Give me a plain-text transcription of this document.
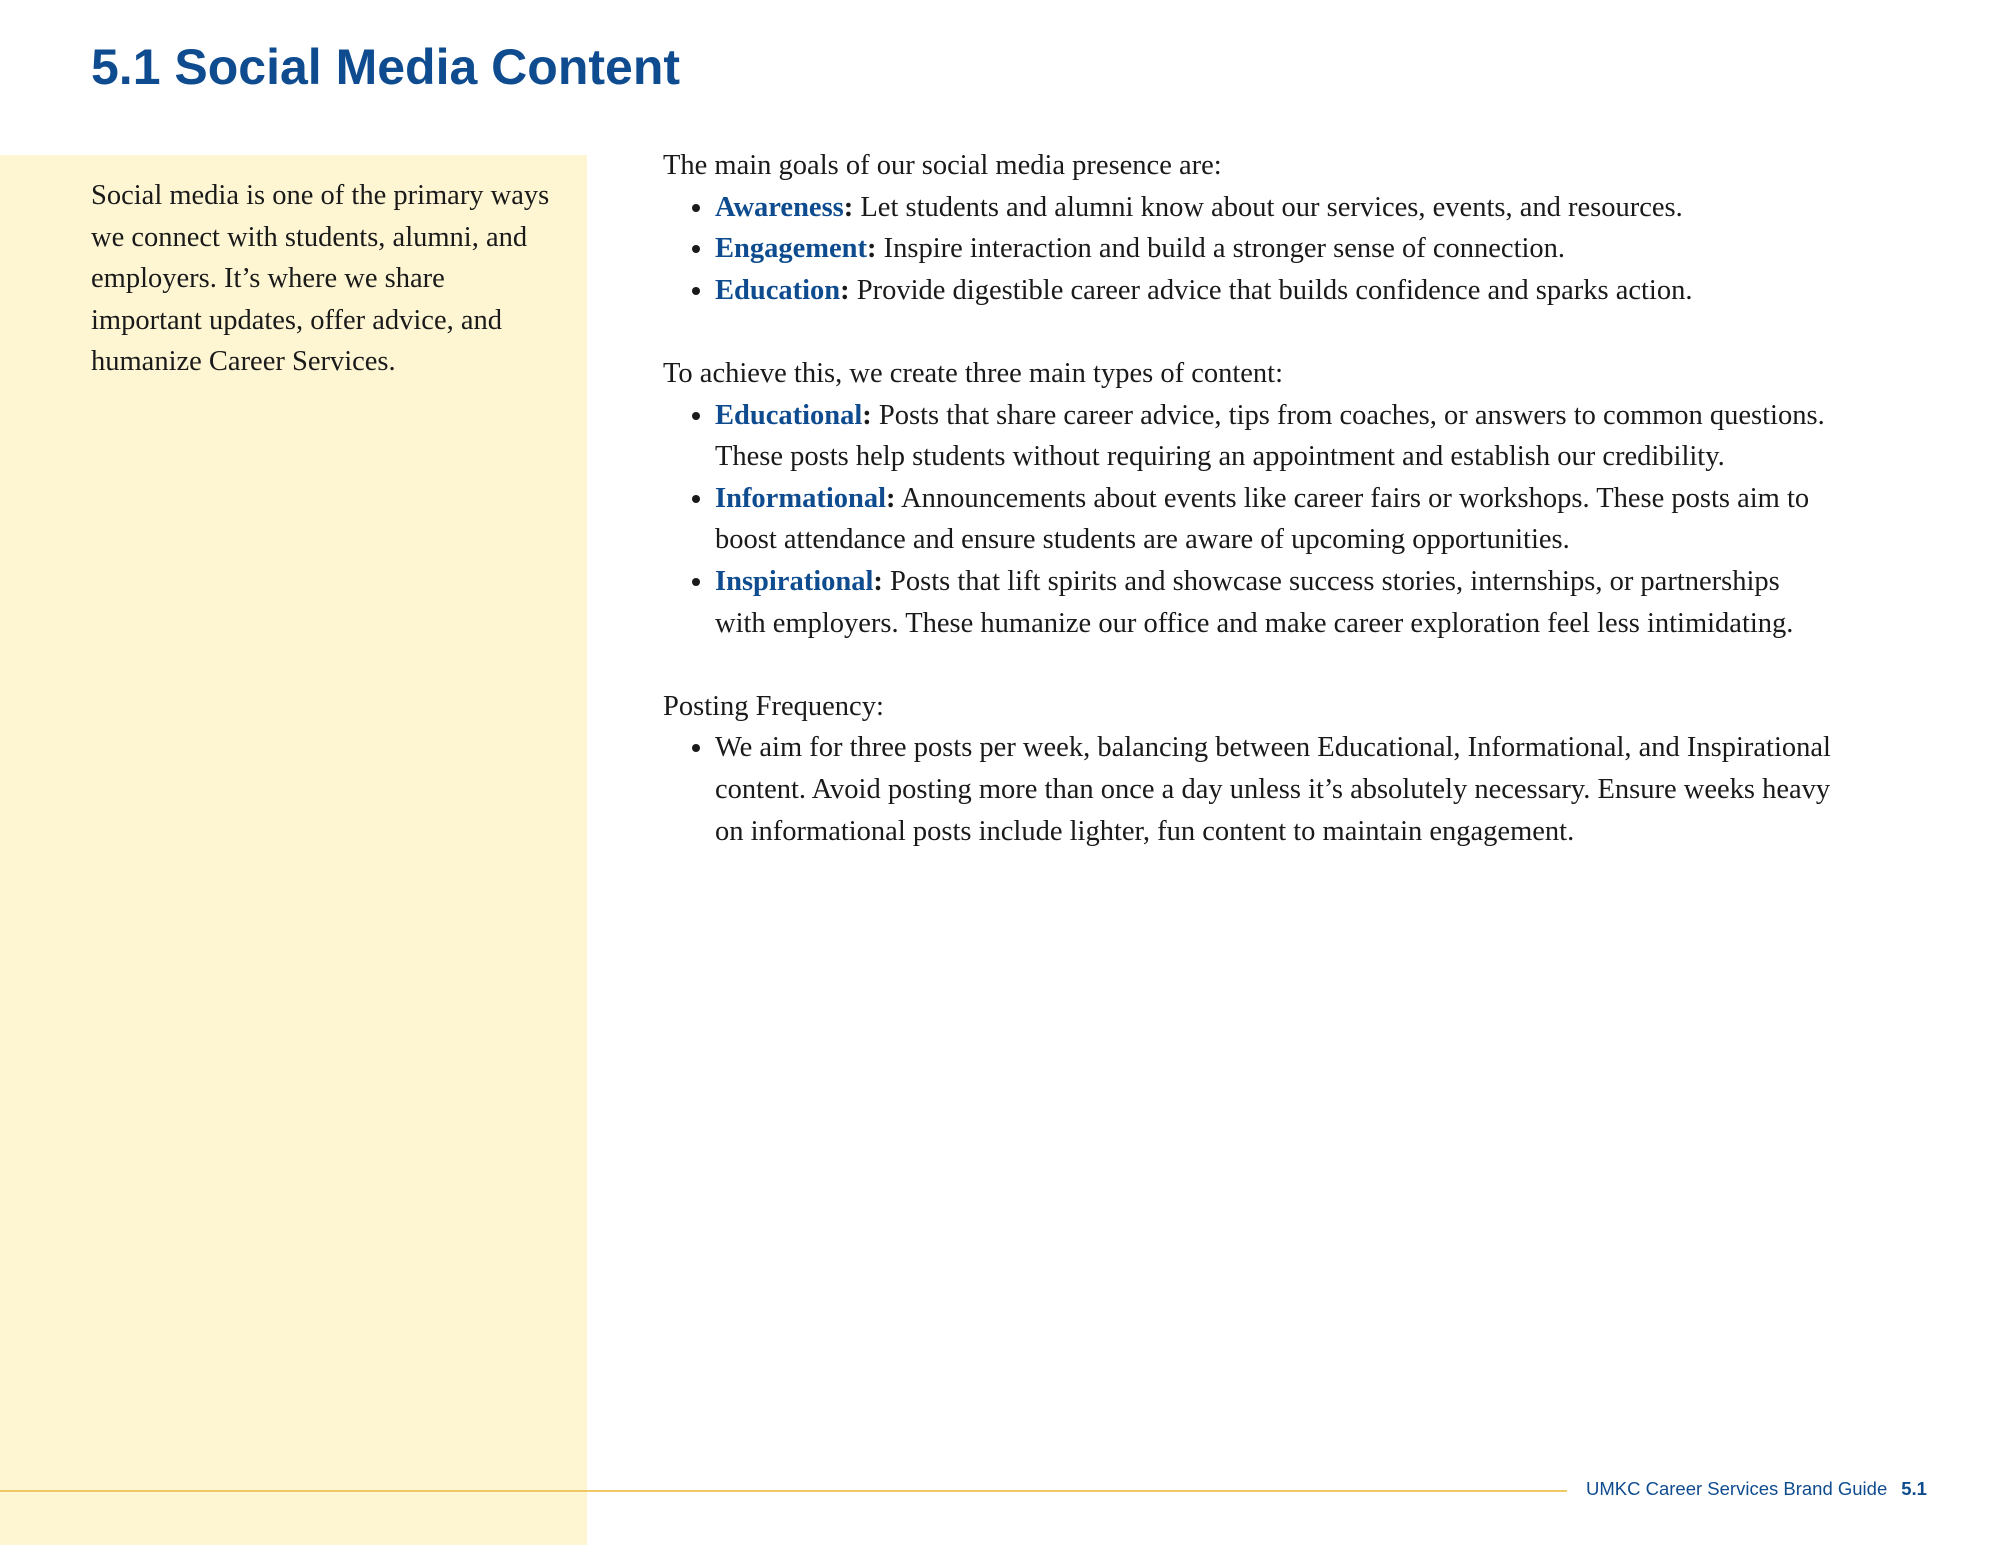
5.1 Social Media Content

Social media is one of the primary ways we connect with students, alumni, and employers. It’s where we share important updates, offer advice, and humanize Career Services.

The main goals of our social media presence are:

• Awareness: Let students and alumni know about our services, events, and resources.
• Engagement: Inspire interaction and build a stronger sense of connection.
• Education: Provide digestible career advice that builds confidence and sparks action.

To achieve this, we create three main types of content:

• Educational: Posts that share career advice, tips from coaches, or answers to common questions. These posts help students without requiring an appointment and establish our credibility.
• Informational: Announcements about events like career fairs or workshops. These posts aim to boost attendance and ensure students are aware of upcoming opportunities.
• Inspirational: Posts that lift spirits and showcase success stories, internships, or partnerships with employers. These humanize our office and make career exploration feel less intimidating.

Posting Frequency:

• We aim for three posts per week, balancing between Educational, Informational, and Inspirational content. Avoid posting more than once a day unless it’s absolutely necessary. Ensure weeks heavy on informational posts include lighter, fun content to maintain engagement.
UMKC Career Services Brand Guide 5.1
